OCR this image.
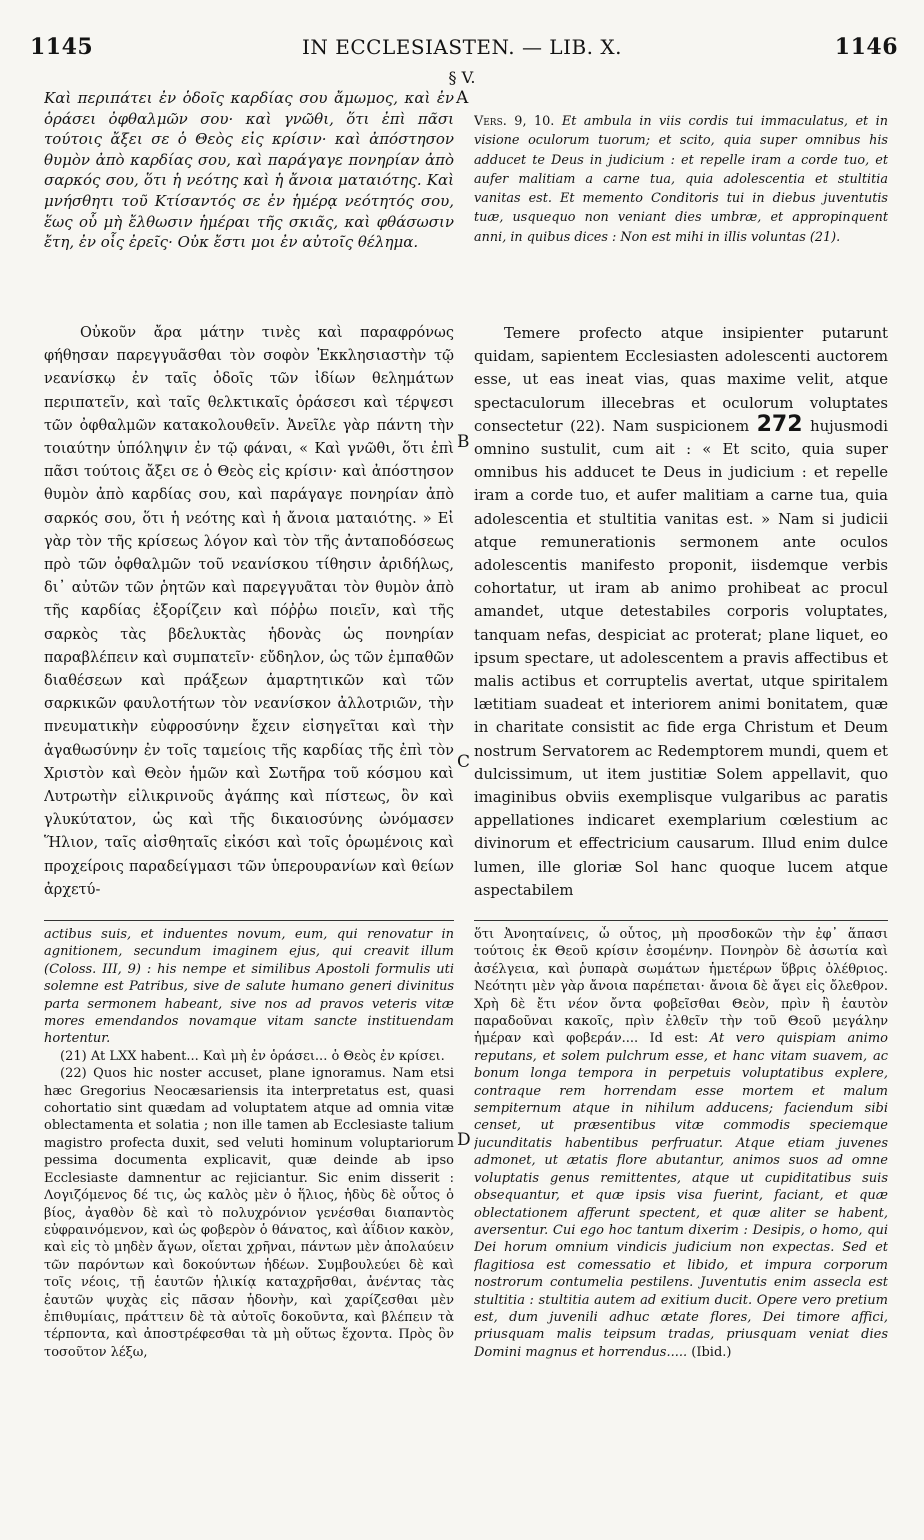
1145	IN ECCLESIASTEN. — LIB. X.	1146
§ V.
A
B
C
D

Καὶ περιπάτει ἐν ὁδοῖς καρδίας σου ἄμωμος, καὶ ἐν ὁράσει ὀφθαλμῶν σου· καὶ γνῶθι, ὅτι ἐπὶ πᾶσι τούτοις ἄξει σε ὁ Θεὸς εἰς κρίσιν· καὶ ἀπόστησον θυμὸν ἀπὸ καρδίας σου, καὶ παράγαγε πονηρίαν ἀπὸ σαρκός σου, ὅτι ἡ νεότης καὶ ἡ ἄνοια ματαιότης. Καὶ μνήσθητι τοῦ Κτίσαντός σε ἐν ἡμέρᾳ νεότητός σου, ἕως οὗ μὴ ἔλθωσιν ἡμέραι τῆς σκιᾶς, καὶ φθάσωσιν ἔτη, ἐν οἷς ἐρεῖς· Οὐκ ἔστι μοι ἐν αὐτοῖς θέλημα.

Vers. 9, 10. Et ambula in viis cordis tui immaculatus, et in visione oculorum tuorum; et scito, quia super omnibus his adducet te Deus in judicium : et repelle iram a corde tuo, et aufer malitiam a carne tua, quia adolescentia et stultitia vanitas est. Et memento Conditoris tui in diebus juventutis tuæ, usquequo non veniant dies umbræ, et appropinquent anni, in quibus dices : Non est mihi in illis voluntas (21).

Οὐκοῦν ἄρα μάτην τινὲς καὶ παραφρόνως φήθησαν παρεγγυᾶσθαι τὸν σοφὸν Ἐκκλησιαστὴν τῷ νεανίσκῳ ἐν ταῖς ὁδοῖς τῶν ἰδίων θελημάτων περιπατεῖν, καὶ ταῖς θελκτικαῖς ὁράσεσι καὶ τέρψεσι τῶν ὀφθαλμῶν κατακολουθεῖν. Ἀνεῖλε γὰρ πάντη τὴν τοιαύτην ὑπόληψιν ἐν τῷ φάναι, « Καὶ γνῶθι, ὅτι ἐπὶ πᾶσι τούτοις ἄξει σε ὁ Θεὸς εἰς κρίσιν· καὶ ἀπόστησον θυμὸν ἀπὸ καρδίας σου, καὶ παράγαγε πονηρίαν ἀπὸ σαρκός σου, ὅτι ἡ νεότης καὶ ἡ ἄνοια ματαιότης. » Εἰ γὰρ τὸν τῆς κρίσεως λόγον καὶ τὸν τῆς ἀνταποδόσεως πρὸ τῶν ὀφθαλμῶν τοῦ νεανίσκου τίθησιν ἀριδήλως, δι᾽ αὐτῶν τῶν ῥητῶν καὶ παρεγγυᾶται τὸν θυμὸν ἀπὸ τῆς καρδίας ἐξορίζειν καὶ πόῤῥω ποιεῖν, καὶ τῆς σαρκὸς τὰς βδελυκτὰς ἡδονὰς ὡς πονηρίαν παραβλέπειν καὶ συμπατεῖν· εὔδηλον, ὡς τῶν ἐμπαθῶν διαθέσεων καὶ πράξεων ἁμαρτητικῶν καὶ τῶν σαρκικῶν φαυλοτήτων τὸν νεανίσκον ἀλλοτριῶν, τὴν πνευματικὴν εὐφροσύνην ἔχειν εἰσηγεῖται καὶ τὴν ἀγαθωσύνην ἐν τοῖς ταμείοις τῆς καρδίας τῆς ἐπὶ τὸν Χριστὸν καὶ Θεὸν ἡμῶν καὶ Σωτῆρα τοῦ κόσμου καὶ Λυτρωτὴν εἰλικρινοῦς ἀγάπης καὶ πίστεως, ὃν καὶ γλυκύτατον, ὡς καὶ τῆς δικαιοσύνης ὠνόμασεν Ἥλιον, ταῖς αἰσθηταῖς εἰκόσι καὶ τοῖς ὁρωμένοις καὶ προχείροις παραδείγμασι τῶν ὑπερουρανίων καὶ θείων ἀρχετύ-

Temere profecto atque insipienter putarunt quidam, sapientem Ecclesiasten adolescenti auctorem esse, ut eas ineat vias, quas maxime velit, atque spectaculorum illecebras et oculorum voluptates consectetur (22). Nam suspicionem 272 hujusmodi omnino sustulit, cum ait : « Et scito, quia super omnibus his adducet te Deus in judicium : et repelle iram a corde tuo, et aufer malitiam a carne tua, quia adolescentia et stultitia vanitas est. » Nam si judicii atque remunerationis sermonem ante oculos adolescentis manifesto proponit, iisdemque verbis cohortatur, ut iram ab animo prohibeat ac procul amandet, utque detestabiles corporis voluptates, tanquam nefas, despiciat ac proterat; plane liquet, eo ipsum spectare, ut adolescentem a pravis affectibus et malis actibus et corruptelis avertat, utque spiritalem lætitiam suadeat et interiorem animi bonitatem, quæ in charitate consistit ac fide erga Christum et Deum nostrum Servatorem ac Redemptorem mundi, quem et dulcissimum, ut item justitiæ Solem appellavit, quo imaginibus obviis exemplisque vulgaribus ac paratis appellationes indicaret exemplarium cœlestium ac divinorum et effectricium causarum. Illud enim dulce lumen, ille gloriæ Sol hanc quoque lucem atque aspectabilem

actibus suis, et induentes novum, eum, qui renovatur in agnitionem, secundum imaginem ejus, qui creavit illum (Coloss. III, 9) : his nempe et similibus Apostoli formulis uti solemne est Patribus, sive de salute humano generi divinitus parta sermonem habeant, sive nos ad pravos veteris vitæ mores emendandos novamque vitam sancte instituendam hortentur.

(21) At LXX habent... Καὶ μὴ ἐν ὁράσει... ὁ Θεὸς ἐν κρίσει.

(22) Quos hic noster accuset, plane ignoramus. Nam etsi hæc Gregorius Neocæsariensis ita interpretatus est, quasi cohortatio sint quædam ad voluptatem atque ad omnia vitæ oblectamenta et solatia ; non ille tamen ab Ecclesiaste talium magistro profecta duxit, sed veluti hominum voluptariorum pessima documenta explicavit, quæ deinde ab ipso Ecclesiaste damnentur ac rejiciantur. Sic enim disserit : Λογιζόμενος δέ τις, ὡς καλὸς μὲν ὁ ἥλιος, ἡδὺς δὲ οὗτος ὁ βίος, ἀγαθὸν δὲ καὶ τὸ πολυχρόνιον γενέσθαι διαπαντὸς εὐφραινόμενον, καὶ ὡς φοβερὸν ὁ θάνατος, καὶ ἀΐδιον κακὸν, καὶ εἰς τὸ μηδὲν ἄγων, οἴεται χρῆναι, πάντων μὲν ἀπολαύειν τῶν παρόντων καὶ δοκούντων ἡδέων. Συμβουλεύει δὲ καὶ τοῖς νέοις, τῇ ἑαυτῶν ἡλικίᾳ καταχρῆσθαι, ἀνέντας τὰς ἑαυτῶν ψυχὰς εἰς πᾶσαν ἡδονὴν, καὶ χαρίζεσθαι μὲν ἐπιθυμίαις, πράττειν δὲ τὰ αὐτοῖς δοκοῦντα, καὶ βλέπειν τὰ τέρποντα, καὶ ἀποστρέφεσθαι τὰ μὴ οὕτως ἔχοντα. Πρὸς ὃν τοσοῦτον λέξω,

ὅτι Ἀνοηταίνεις, ὦ οὗτος, μὴ προσδοκῶν τὴν ἐφ᾽ ἅπασι τούτοις ἐκ Θεοῦ κρίσιν ἐσομένην. Πονηρὸν δὲ ἀσωτία καὶ ἀσέλγεια, καὶ ῥυπαρὰ σωμάτων ἡμετέρων ὕβρις ὀλέθριος. Νεότητι μὲν γὰρ ἄνοια παρέπεται· ἄνοια δὲ ἄγει εἰς ὄλεθρον. Χρὴ δὲ ἔτι νέον ὄντα φοβεῖσθαι Θεὸν, πρὶν ἢ ἑαυτὸν παραδοῦναι κακοῖς, πρὶν ἐλθεῖν τὴν τοῦ Θεοῦ μεγάλην ἡμέραν καὶ φοβεράν.... Id est: At vero quispiam animo reputans, et solem pulchrum esse, et hanc vitam suavem, ac bonum longa tempora in perpetuis voluptatibus explere, contraque rem horrendam esse mortem et malum sempiternum atque in nihilum adducens; faciendum sibi censet, ut præsentibus vitæ commodis speciemque jucunditatis habentibus perfruatur. Atque etiam juvenes admonet, ut ætatis flore abutantur, animos suos ad omne voluptatis genus remittentes, atque ut cupiditatibus suis obsequantur, et quæ ipsis visa fuerint, faciant, et quæ oblectationem afferunt spectent, et quæ aliter se habent, aversentur. Cui ego hoc tantum dixerim : Desipis, o homo, qui Dei horum omnium vindicis judicium non expectas. Sed et flagitiosa est comessatio et libido, et impura corporum nostrorum contumelia pestilens. Juventutis enim assecla est stultitia : stultitia autem ad exitium ducit. Opere vero pretium est, dum juvenili adhuc ætate flores, Dei timore affici, priusquam malis teipsum tradas, priusquam veniat dies Domini magnus et horrendus..... (Ibid.)
